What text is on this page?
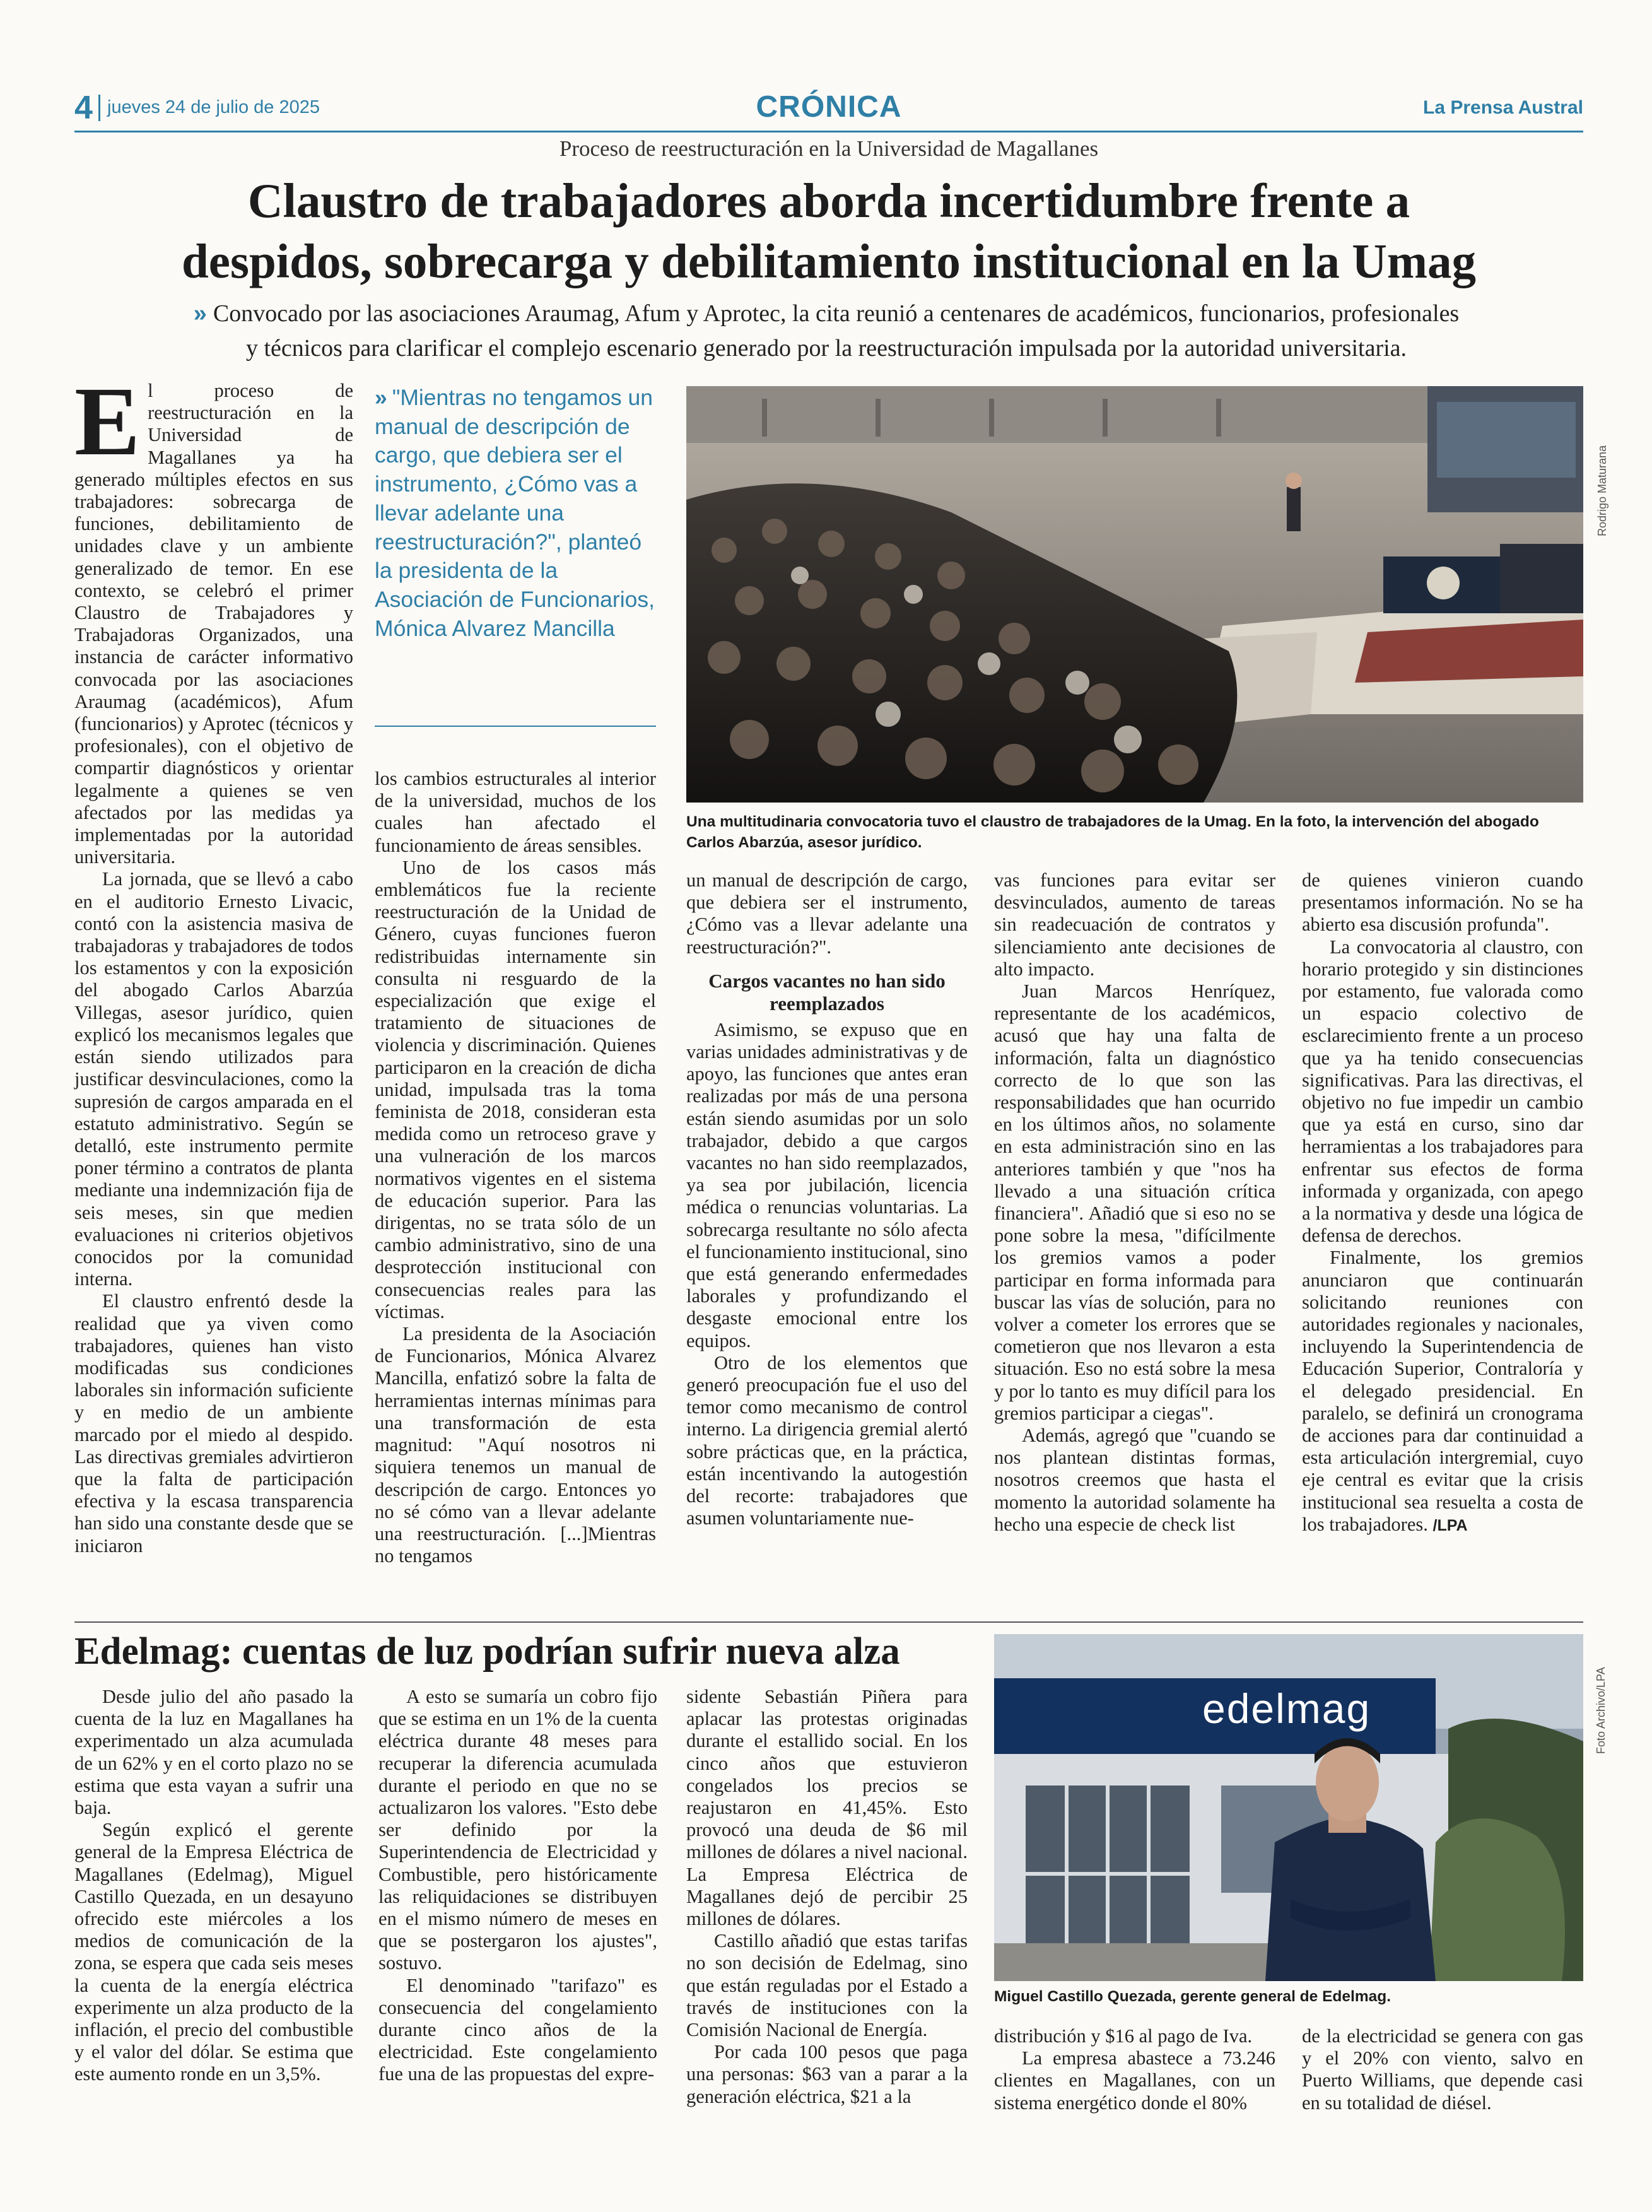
4 jueves 24 de julio de 2025	CRÓNICA	La Prensa Austral
Proceso de reestructuración en la Universidad de Magallanes
Claustro de trabajadores aborda incertidumbre frente a
despidos, sobrecarga y debilitamiento institucional en la Umag
» Convocado por las asociaciones Araumag, Afum y Aprotec, la cita reunió a centenares de académicos, funcionarios, profesionales
y técnicos para clarificar el complejo escenario generado por la reestructuración impulsada por la autoridad universitaria.

El proceso de reestructuración en la Universidad de Magallanes ya ha generado múltiples efectos en sus trabajadores: sobrecarga de funciones, debilitamiento de unidades clave y un ambiente generalizado de temor. En ese contexto, se celebró el primer Claustro de Trabajadores y Trabajadoras Organizados, una instancia de carácter informativo convocada por las asociaciones Araumag (académicos), Afum (funcionarios) y Aprotec (técnicos y profesionales), con el objetivo de compartir diagnósticos y orientar legalmente a quienes se ven afectados por las medidas ya implementadas por la autoridad universitaria.

La jornada, que se llevó a cabo en el auditorio Ernesto Livacic, contó con la asistencia masiva de trabajadoras y trabajadores de todos los estamentos y con la exposición del abogado Carlos Abarzúa Villegas, asesor jurídico, quien explicó los mecanismos legales que están siendo utilizados para justificar desvinculaciones, como la supresión de cargos amparada en el estatuto administrativo. Según se detalló, este instrumento permite poner término a contratos de planta mediante una indemnización fija de seis meses, sin que medien evaluaciones ni criterios objetivos conocidos por la comunidad interna.

El claustro enfrentó desde la realidad que ya viven como trabajadores, quienes han visto modificadas sus condiciones laborales sin información suficiente y en medio de un ambiente marcado por el miedo al despido. Las directivas gremiales advirtieron que la falta de participación efectiva y la escasa transparencia han sido una constante desde que se iniciaron

» "Mientras no tengamos un manual de descripción de cargo, que debiera ser el instrumento, ¿Cómo vas a llevar adelante una reestructuración?", planteó la presidenta de la Asociación de Funcionarios, Mónica Alvarez Mancilla

los cambios estructurales al interior de la universidad, muchos de los cuales han afectado el funcionamiento de áreas sensibles.

Uno de los casos más emblemáticos fue la reciente reestructuración de la Unidad de Género, cuyas funciones fueron redistribuidas internamente sin consulta ni resguardo de la especialización que exige el tratamiento de situaciones de violencia y discriminación. Quienes participaron en la creación de dicha unidad, impulsada tras la toma feminista de 2018, consideran esta medida como un retroceso grave y una vulneración de los marcos normativos vigentes en el sistema de educación superior. Para las dirigentas, no se trata sólo de un cambio administrativo, sino de una desprotección institucional con consecuencias reales para las víctimas.

La presidenta de la Asociación de Funcionarios, Mónica Alvarez Mancilla, enfatizó sobre la falta de herramientas internas mínimas para una transformación de esta magnitud: "Aquí nosotros ni siquiera tenemos un manual de descripción de cargo. Entonces yo no sé cómo van a llevar adelante una reestructuración. [...]Mientras no tengamos

Rodrigo Maturana
Una multitudinaria convocatoria tuvo el claustro de trabajadores de la Umag. En la foto, la intervención del abogado Carlos Abarzúa, asesor jurídico.

un manual de descripción de cargo, que debiera ser el instrumento, ¿Cómo vas a llevar adelante una reestructuración?".

Cargos vacantes no han sido reemplazados

Asimismo, se expuso que en varias unidades administrativas y de apoyo, las funciones que antes eran realizadas por más de una persona están siendo asumidas por un solo trabajador, debido a que cargos vacantes no han sido reemplazados, ya sea por jubilación, licencia médica o renuncias voluntarias. La sobrecarga resultante no sólo afecta el funcionamiento institucional, sino que está generando enfermedades laborales y profundizando el desgaste emocional entre los equipos.

Otro de los elementos que generó preocupación fue el uso del temor como mecanismo de control interno. La dirigencia gremial alertó sobre prácticas que, en la práctica, están incentivando la autogestión del recorte: trabajadores que asumen voluntariamente nue-

vas funciones para evitar ser desvinculados, aumento de tareas sin readecuación de contratos y silenciamiento ante decisiones de alto impacto.

Juan Marcos Henríquez, representante de los académicos, acusó que hay una falta de información, falta un diagnóstico correcto de lo que son las responsabilidades que han ocurrido en los últimos años, no solamente en esta administración sino en las anteriores también y que "nos ha llevado a una situación crítica financiera". Añadió que si eso no se pone sobre la mesa, "difícilmente los gremios vamos a poder participar en forma informada para buscar las vías de solución, para no volver a cometer los errores que se cometieron que nos llevaron a esta situación. Eso no está sobre la mesa y por lo tanto es muy difícil para los gremios participar a ciegas".

Además, agregó que "cuando se nos plantean distintas formas, nosotros creemos que hasta el momento la autoridad solamente ha hecho una especie de check list

de quienes vinieron cuando presentamos información. No se ha abierto esa discusión profunda".

La convocatoria al claustro, con horario protegido y sin distinciones por estamento, fue valorada como un espacio colectivo de esclarecimiento frente a un proceso que ya ha tenido consecuencias significativas. Para las directivas, el objetivo no fue impedir un cambio que ya está en curso, sino dar herramientas a los trabajadores para enfrentar sus efectos de forma informada y organizada, con apego a la normativa y desde una lógica de defensa de derechos.

Finalmente, los gremios anunciaron que continuarán solicitando reuniones con autoridades regionales y nacionales, incluyendo la Superintendencia de Educación Superior, Contraloría y el delegado presidencial. En paralelo, se definirá un cronograma de acciones para dar continuidad a esta articulación intergremial, cuyo eje central es evitar que la crisis institucional sea resuelta a costa de los trabajadores. /LPA

Edelmag: cuentas de luz podrían sufrir nueva alza

Desde julio del año pasado la cuenta de la luz en Magallanes ha experimentado un alza acumulada de un 62% y en el corto plazo no se estima que esta vayan a sufrir una baja.

Según explicó el gerente general de la Empresa Eléctrica de Magallanes (Edelmag), Miguel Castillo Quezada, en un desayuno ofrecido este miércoles a los medios de comunicación de la zona, se espera que cada seis meses la cuenta de la energía eléctrica experimente un alza producto de la inflación, el precio del combustible y el valor del dólar. Se estima que este aumento ronde en un 3,5%.

A esto se sumaría un cobro fijo que se estima en un 1% de la cuenta eléctrica durante 48 meses para recuperar la diferencia acumulada durante el periodo en que no se actualizaron los valores. "Esto debe ser definido por la Superintendencia de Electricidad y Combustible, pero históricamente las reliquidaciones se distribuyen en el mismo número de meses en que se postergaron los ajustes", sostuvo.

El denominado "tarifazo" es consecuencia del congelamiento durante cinco años de la electricidad. Este congelamiento fue una de las propuestas del expre-

sidente Sebastián Piñera para aplacar las protestas originadas durante el estallido social. En los cinco años que estuvieron congelados los precios se reajustaron en 41,45%. Esto provocó una deuda de $6 mil millones de dólares a nivel nacional. La Empresa Eléctrica de Magallanes dejó de percibir 25 millones de dólares.

Castillo añadió que estas tarifas no son decisión de Edelmag, sino que están reguladas por el Estado a través de instituciones con la Comisión Nacional de Energía.

Por cada 100 pesos que paga una personas: $63 van a parar a la generación eléctrica, $21 a la

edelmag	Foto Archivo/LPA
Miguel Castillo Quezada, gerente general de Edelmag.

distribución y $16 al pago de Iva.

La empresa abastece a 73.246 clientes en Magallanes, con un sistema energético donde el 80%

de la electricidad se genera con gas y el 20% con viento, salvo en Puerto Williams, que depende casi en su totalidad de diésel.
